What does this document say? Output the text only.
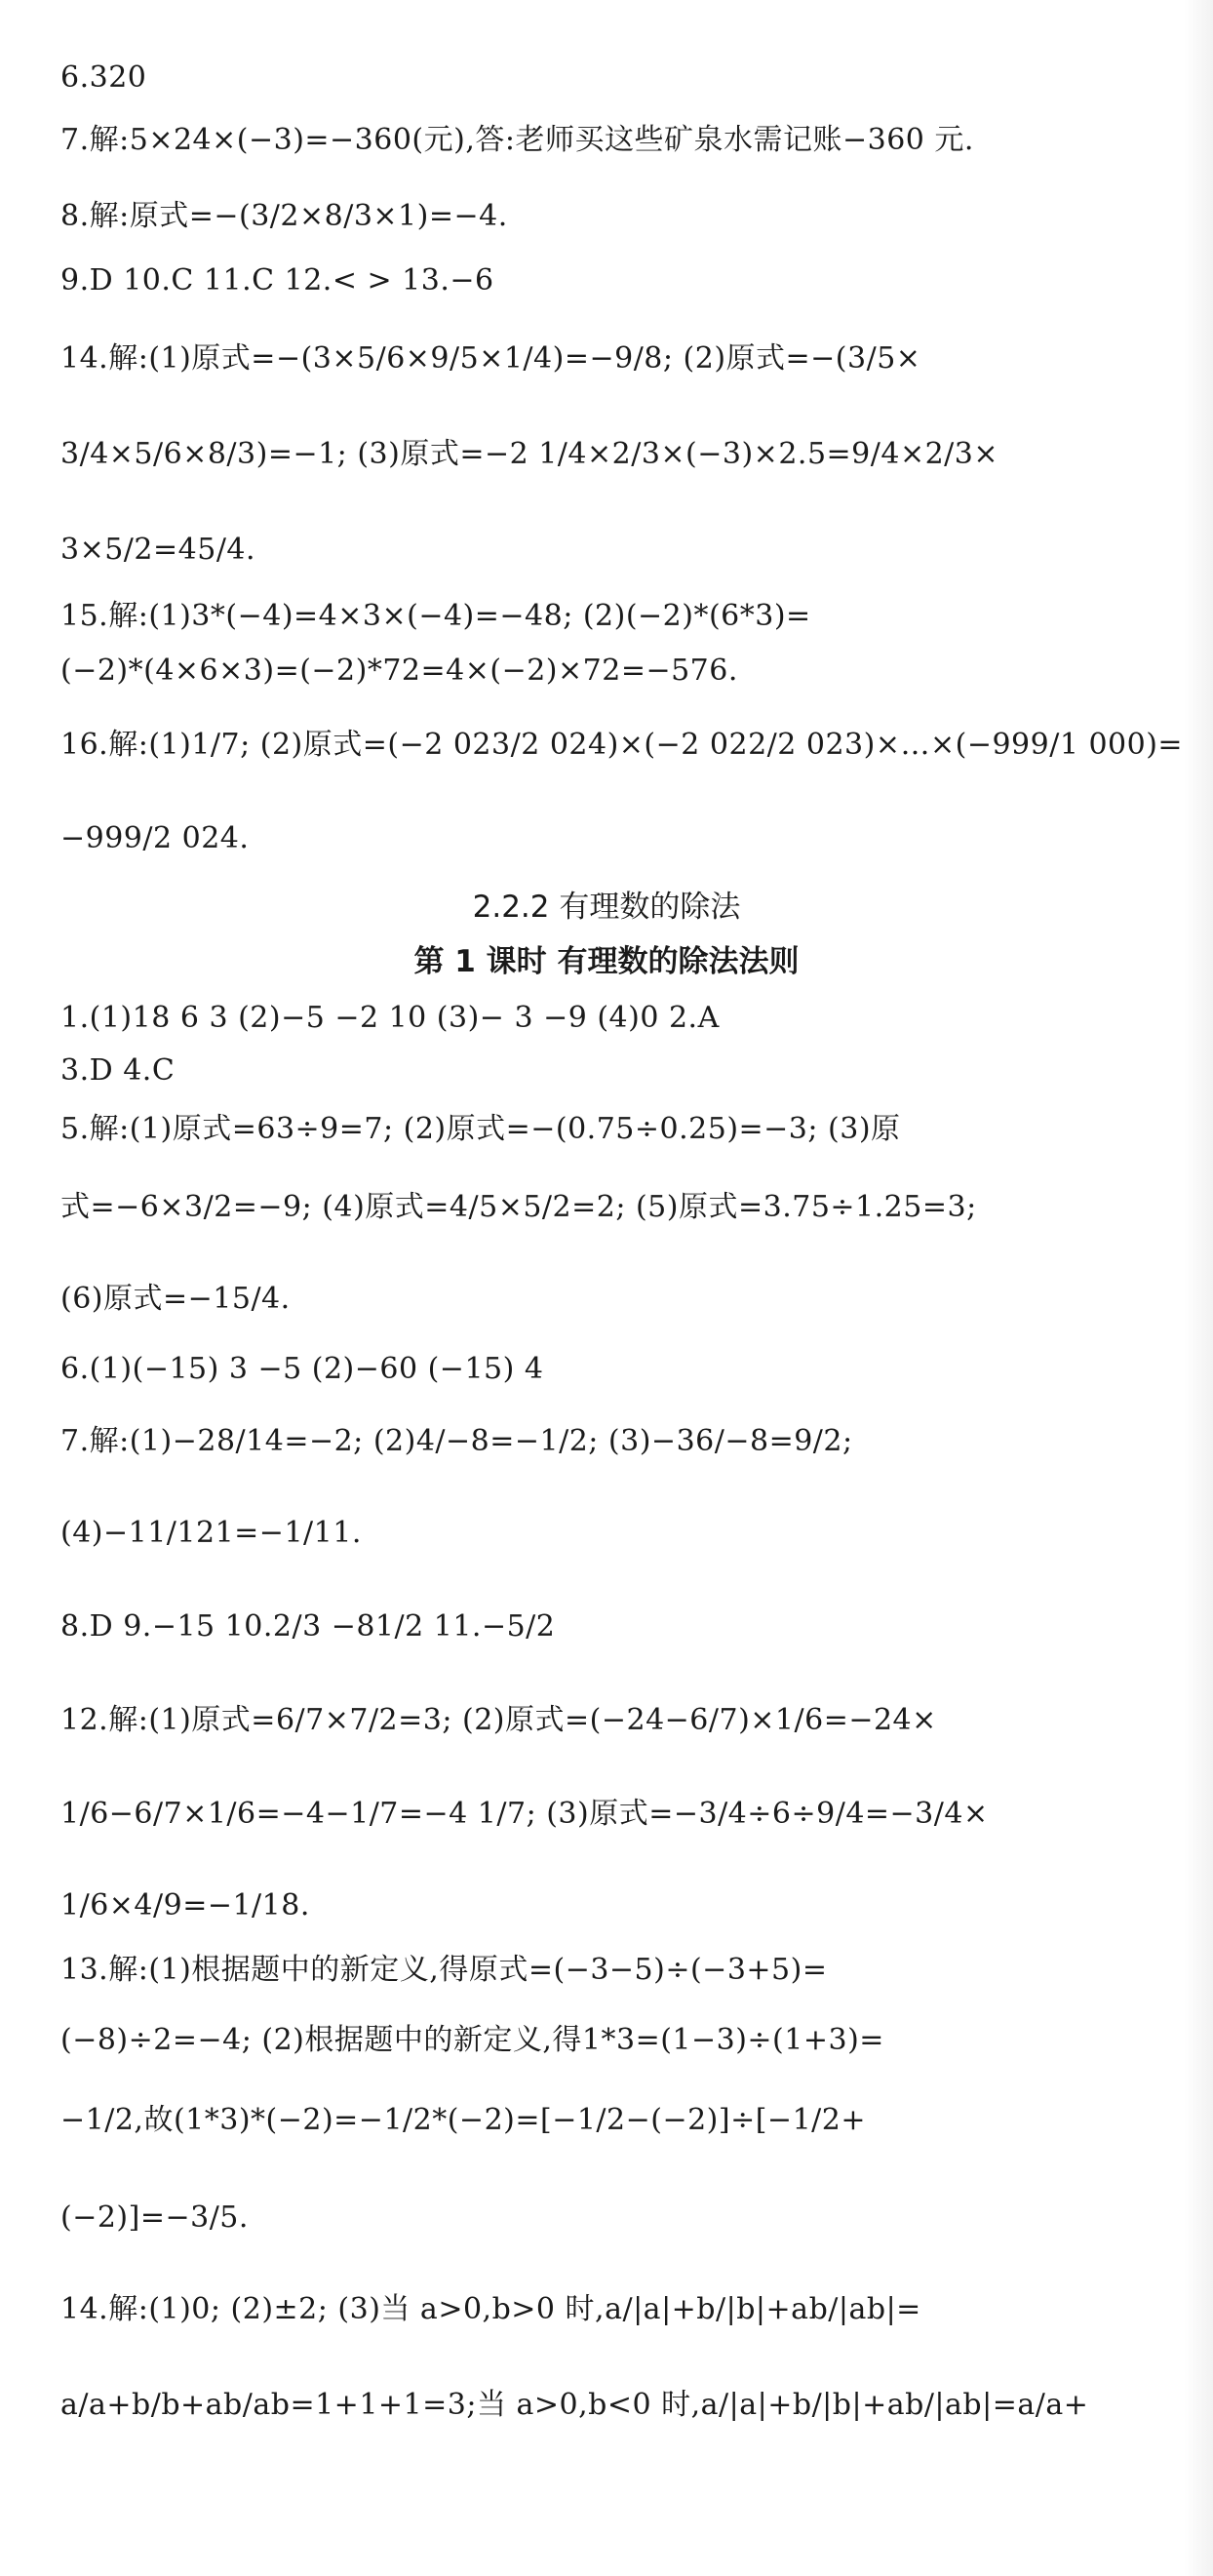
6.320
7.解:5×24×(−3)=−360(元),答:老师买这些矿泉水需记账−360 元.
8.解:原式=−(3/2×8/3×1)=−4.
9.D 10.C 11.C 12.< > 13.−6
14.解:(1)原式=−(3×5/6×9/5×1/4)=−9/8; (2)原式=−(3/5×
3/4×5/6×8/3)=−1; (3)原式=−2 1/4×2/3×(−3)×2.5=9/4×2/3×
3×5/2=45/4.
15.解:(1)3*(−4)=4×3×(−4)=−48; (2)(−2)*(6*3)=
(−2)*(4×6×3)=(−2)*72=4×(−2)×72=−576.
16.解:(1)1/7; (2)原式=(−2 023/2 024)×(−2 022/2 023)×…×(−999/1 000)=
−999/2 024.
2.2.2 有理数的除法
第 1 课时 有理数的除法法则
1.(1)18 6 3 (2)−5 −2 10 (3)− 3 −9 (4)0 2.A
3.D 4.C
5.解:(1)原式=63÷9=7; (2)原式=−(0.75÷0.25)=−3; (3)原
式=−6×3/2=−9; (4)原式=4/5×5/2=2; (5)原式=3.75÷1.25=3;
(6)原式=−15/4.
6.(1)(−15) 3 −5 (2)−60 (−15) 4
7.解:(1)−28/14=−2; (2)4/−8=−1/2; (3)−36/−8=9/2;
(4)−11/121=−1/11.
8.D 9.−15 10.2/3 −81/2 11.−5/2
12.解:(1)原式=6/7×7/2=3; (2)原式=(−24−6/7)×1/6=−24×
1/6−6/7×1/6=−4−1/7=−4 1/7; (3)原式=−3/4÷6÷9/4=−3/4×
1/6×4/9=−1/18.
13.解:(1)根据题中的新定义,得原式=(−3−5)÷(−3+5)=
(−8)÷2=−4; (2)根据题中的新定义,得1*3=(1−3)÷(1+3)=
−1/2,故(1*3)*(−2)=−1/2*(−2)=[−1/2−(−2)]÷[−1/2+
(−2)]=−3/5.
14.解:(1)0; (2)±2; (3)当 a>0,b>0 时,a/|a|+b/|b|+ab/|ab|=
a/a+b/b+ab/ab=1+1+1=3;当 a>0,b<0 时,a/|a|+b/|b|+ab/|ab|=a/a+
